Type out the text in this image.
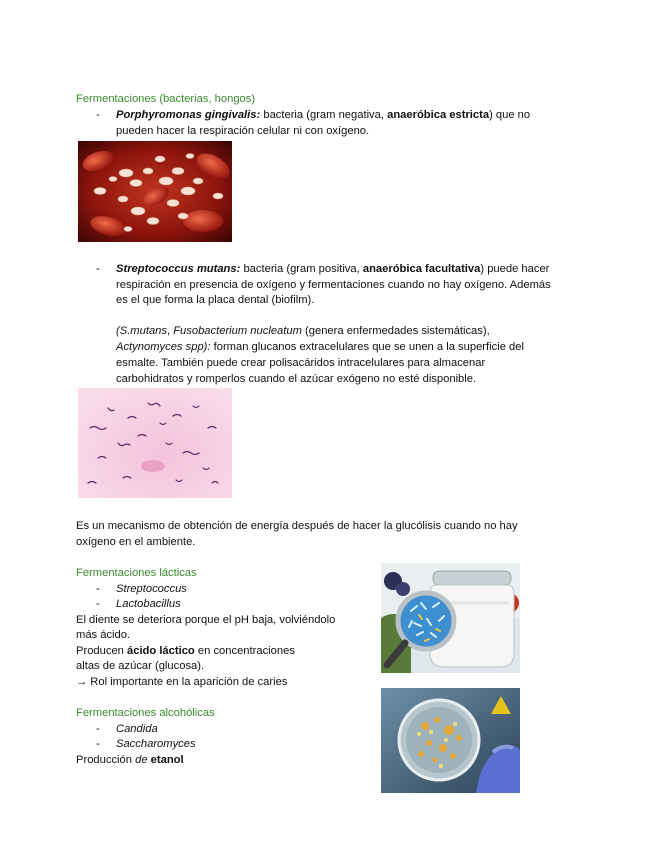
Fermentaciones (bacterias, hongos)
- Porphyromonas gingivalis: bacteria (gram negativa, anaeróbica estricta) que no
pueden hacer la respiración celular ni con oxígeno.
- Streptococcus mutans: bacteria (gram positiva, anaeróbica facultativa) puede hacer
respiración en presencia de oxígeno y fermentaciones cuando no hay oxígeno. Además
es el que forma la placa dental (biofilm).
(S.mutans, Fusobacterium nucleatum (genera enfermedades sistemáticas),
Actynomyces spp): forman glucanos extracelulares que se unen a la superficie del
esmalte. También puede crear polisacáridos intracelulares para almacenar
carbohidratos y romperlos cuando el azúcar exógeno no esté disponible.
Es un mecanismo de obtención de energía después de hacer la glucólisis cuando no hay
oxígeno en el ambiente.
Fermentaciones lácticas
- Streptococcus
- Lactobacillus
El diente se deteriora porque el pH baja, volviéndolo
más ácido.
Producen ácido láctico en concentraciones
altas de azúcar (glucosa).
→ Rol importante en la aparición de caries
Fermentaciones alcohólicas
- Candida
- Saccharomyces
Producción de etanol
